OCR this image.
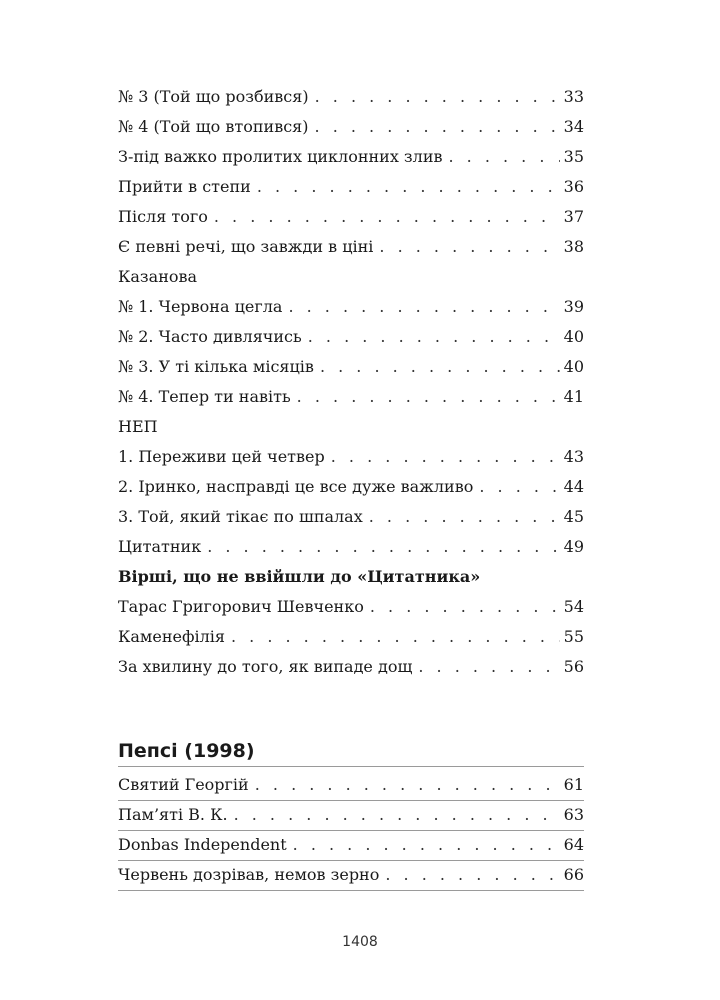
№ 3 (Той що розбився) . . .	33
№ 4 (Той що втопився) . . .	34
З-під важко пролитих циклонних злив . . .	35
Прийти в степи . . .	36
Після того . . .	37
Є певні речі, що завжди в ціні . . .	38
Казанова
№ 1. Червона цегла . . .	39
№ 2. Часто дивлячись . . .	40
№ 3. У ті кілька місяців . . .	40
№ 4. Тепер ти навіть . . .	41
НЕП
1. Переживи цей четвер . . .	43
2. Іринко, насправді це все дуже важливо . . .	44
3. Той, який тікає по шпалах . . .	45
Цитатник . . .	49
Вірші, що не ввійшли до «Цитатника»
Тарас Григорович Шевченко . . .	54
Каменефілія . . .	55
За хвилину до того, як випаде дощ . . .	56
Пепсі (1998)
Святий Георгій . . .	61
Пам’яті В. К. . . .	63
Donbas Independent . . .	64
Червень дозрівав, немов зерно . . .	66
1408
